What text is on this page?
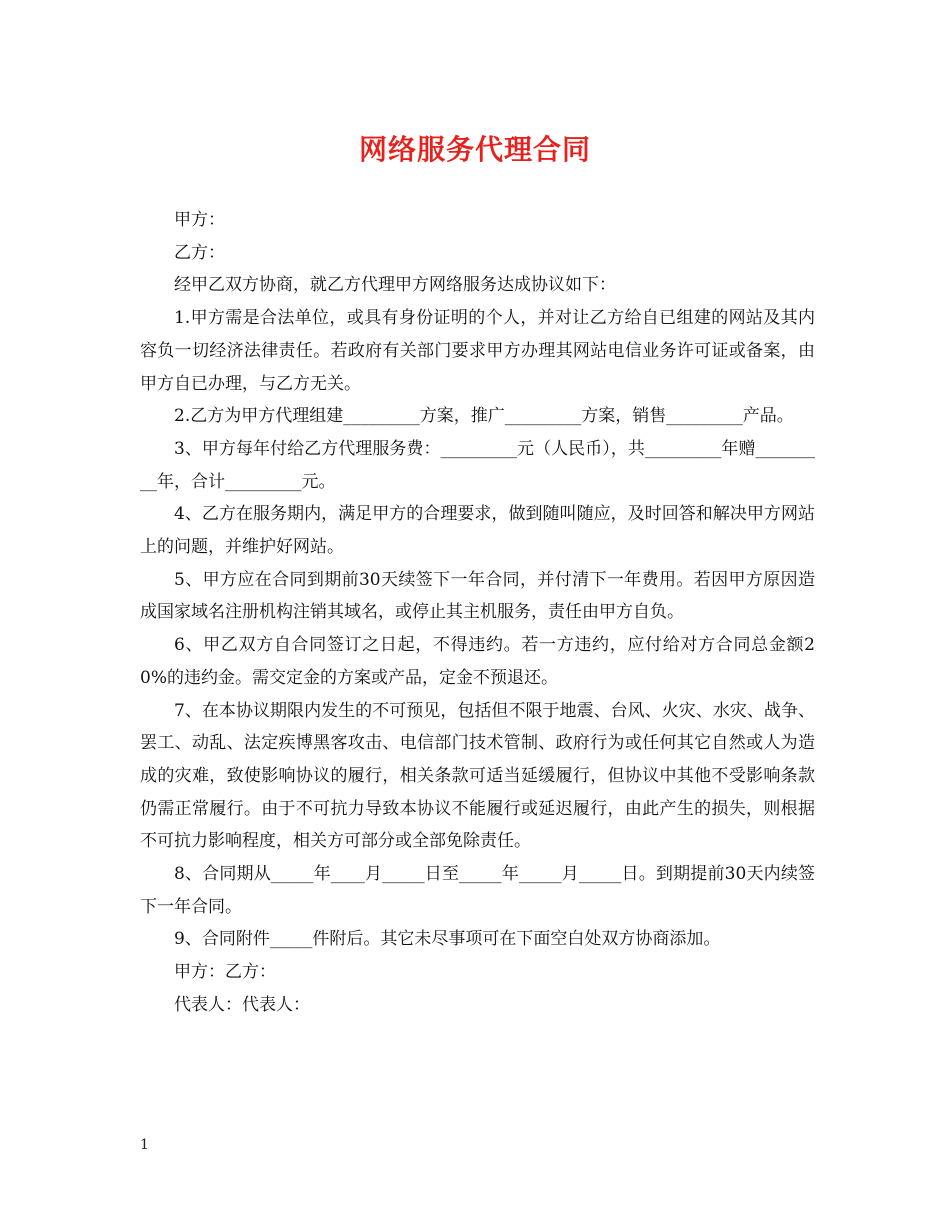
网络服务代理合同

甲方：

乙方：

经甲乙双方协商，就乙方代理甲方网络服务达成协议如下：

1.甲方需是合法单位，或具有身份证明的个人，并对让乙方给自已组建的网站及其内容负一切经济法律责任。若政府有关部门要求甲方办理其网站电信业务许可证或备案，由甲方自已办理，与乙方无关。

2.乙方为甲方代理组建_________方案，推广_________方案，销售_________产品。

3、甲方每年付给乙方代理服务费：_________元（人民币），共_________年赠_________年，合计_________元。

4、乙方在服务期内，满足甲方的合理要求，做到随叫随应，及时回答和解决甲方网站上的问题，并维护好网站。

5、甲方应在合同到期前30天续签下一年合同，并付清下一年费用。若因甲方原因造成国家域名注册机构注销其域名，或停止其主机服务，责任由甲方自负。

6、甲乙双方自合同签订之日起，不得违约。若一方违约，应付给对方合同总金额20%的违约金。需交定金的方案或产品，定金不预退还。

7、在本协议期限内发生的不可预见，包括但不限于地震、台风、火灾、水灾、战争、罢工、动乱、法定疾博黑客攻击、电信部门技术管制、政府行为或任何其它自然或人为造成的灾难，致使影响协议的履行，相关条款可适当延缓履行，但协议中其他不受影响条款仍需正常履行。由于不可抗力导致本协议不能履行或延迟履行，由此产生的损失，则根据不可抗力影响程度，相关方可部分或全部免除责任。

8、合同期从_____年____月_____日至_____年_____月_____日。到期提前30天内续签下一年合同。

9、合同附件_____件附后。其它未尽事项可在下面空白处双方协商添加。

甲方：乙方：

代表人：代表人：

1
